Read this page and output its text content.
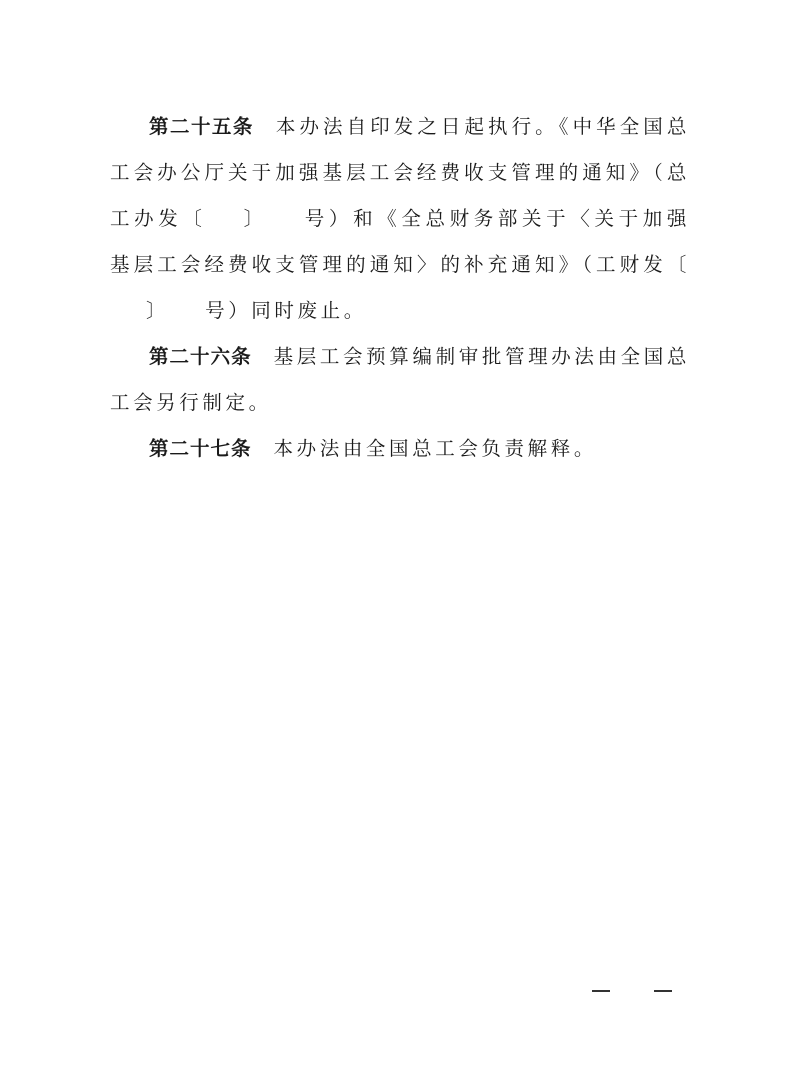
第二十五条 本办法自印发之日起执行。《中华全国总工会办公厅关于加强基层工会经费收支管理的通知》（总工办发〔 〕 号）和《全总财务部关于〈关于加强基层工会经费收支管理的通知〉的补充通知》（工财发〔〕 号）同时废止。

第二十六条 基层工会预算编制审批管理办法由全国总工会另行制定。

第二十七条 本办法由全国总工会负责解释。
